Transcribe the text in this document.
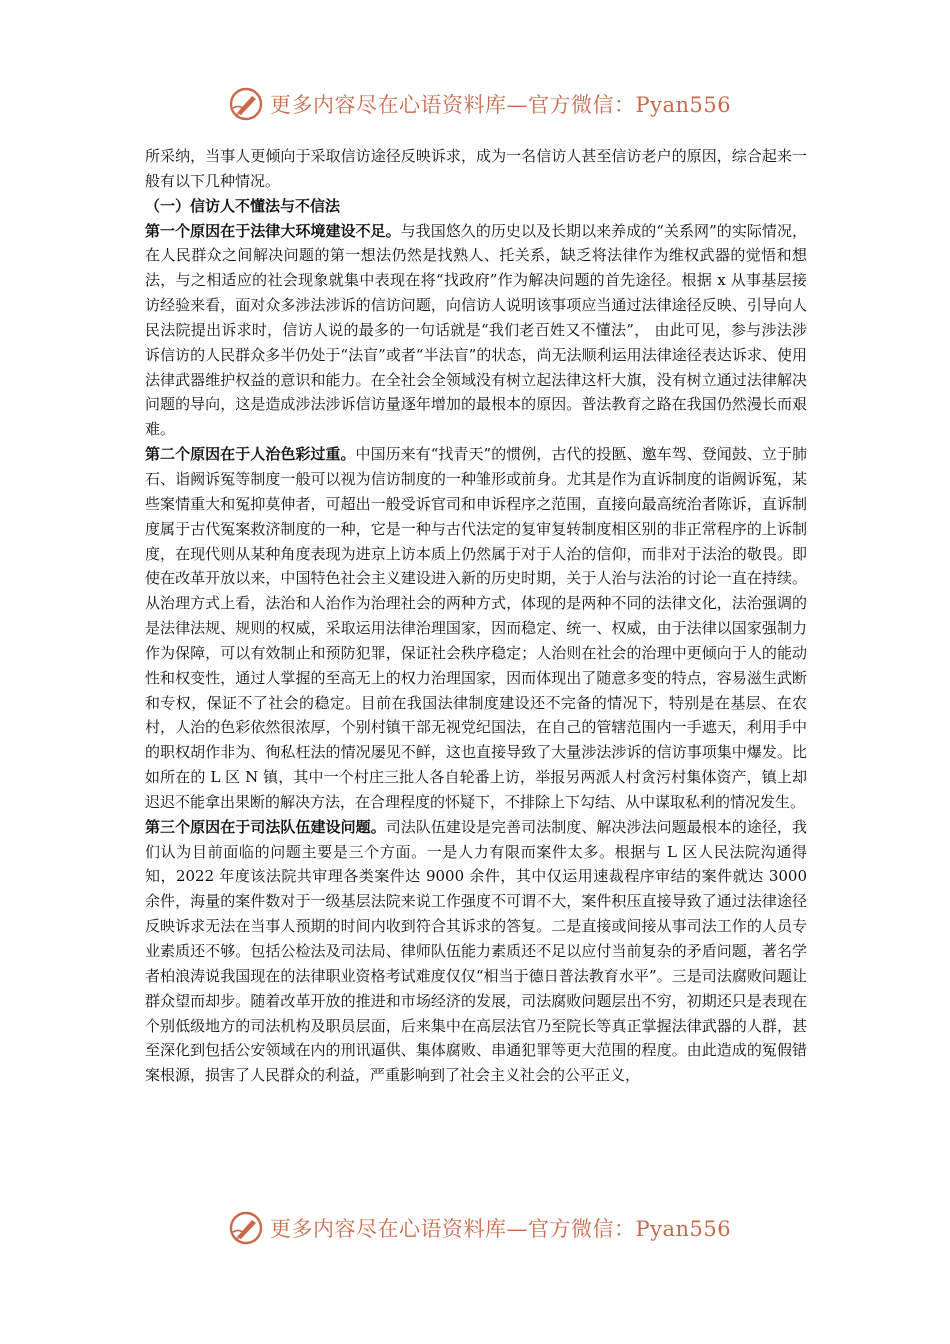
更多内容尽在心语资料库—官方微信：Pyan556

所采纳，当事人更倾向于采取信访途径反映诉求，成为一名信访人甚至信访老户的原因，综合起来一般有以下几种情况。

（一）信访人不懂法与不信法

第一个原因在于法律大环境建设不足。与我国悠久的历史以及长期以来养成的“关系网”的实际情况，在人民群众之间解决问题的第一想法仍然是找熟人、托关系，缺乏将法律作为维权武器的觉悟和想法，与之相适应的社会现象就集中表现在将“找政府”作为解决问题的首先途径。根据 x 从事基层接访经验来看，面对众多涉法涉诉的信访问题，向信访人说明该事项应当通过法律途径反映、引导向人民法院提出诉求时，信访人说的最多的一句话就是“我们老百姓又不懂法”， 由此可见，参与涉法涉诉信访的人民群众多半仍处于“法盲”或者“半法盲”的状态，尚无法顺利运用法律途径表达诉求、使用法律武器维护权益的意识和能力。在全社会全领域没有树立起法律这杆大旗，没有树立通过法律解决问题的导向，这是造成涉法涉诉信访量逐年增加的最根本的原因。普法教育之路在我国仍然漫长而艰难。

第二个原因在于人治色彩过重。中国历来有“找青天”的惯例，古代的投匦、邀车驾、登闻鼓、立于肺石、诣阙诉冤等制度一般可以视为信访制度的一种雏形或前身。尤其是作为直诉制度的诣阙诉冤，某些案情重大和冤抑莫伸者，可超出一般受诉官司和申诉程序之范围，直接向最高统治者陈诉，直诉制度属于古代冤案救济制度的一种，它是一种与古代法定的复审复转制度相区别的非正常程序的上诉制度，在现代则从某种角度表现为进京上访本质上仍然属于对于人治的信仰，而非对于法治的敬畏。即使在改革开放以来，中国特色社会主义建设进入新的历史时期，关于人治与法治的讨论一直在持续。从治理方式上看，法治和人治作为治理社会的两种方式，体现的是两种不同的法律文化，法治强调的是法律法规、规则的权威，采取运用法律治理国家，因而稳定、统一、权威，由于法律以国家强制力作为保障，可以有效制止和预防犯罪，保证社会秩序稳定；人治则在社会的治理中更倾向于人的能动性和权变性，通过人掌握的至高无上的权力治理国家，因而体现出了随意多变的特点，容易滋生武断和专权，保证不了社会的稳定。目前在我国法律制度建设还不完备的情况下，特别是在基层、在农村，人治的色彩依然很浓厚，个别村镇干部无视党纪国法，在自己的管辖范围内一手遮天，利用手中的职权胡作非为、徇私枉法的情况屡见不鲜，这也直接导致了大量涉法涉诉的信访事项集中爆发。比如所在的 L 区 N 镇，其中一个村庄三批人各自轮番上访，举报另两派人村贪污村集体资产，镇上却迟迟不能拿出果断的解决方法，在合理程度的怀疑下，不排除上下勾结、从中谋取私利的情况发生。

第三个原因在于司法队伍建设问题。司法队伍建设是完善司法制度、解决涉法问题最根本的途径，我们认为目前面临的问题主要是三个方面。一是人力有限而案件太多。根据与 L 区人民法院沟通得知，2022 年度该法院共审理各类案件达 9000 余件，其中仅运用速裁程序审结的案件就达 3000 余件，海量的案件数对于一级基层法院来说工作强度不可谓不大，案件积压直接导致了通过法律途径反映诉求无法在当事人预期的时间内收到符合其诉求的答复。二是直接或间接从事司法工作的人员专业素质还不够。包括公检法及司法局、律师队伍能力素质还不足以应付当前复杂的矛盾问题，著名学者柏浪涛说我国现在的法律职业资格考试难度仅仅“相当于德日普法教育水平”。三是司法腐败问题让群众望而却步。随着改革开放的推进和市场经济的发展，司法腐败问题层出不穷，初期还只是表现在个别低级地方的司法机构及职员层面，后来集中在高层法官乃至院长等真正掌握法律武器的人群，甚至深化到包括公安领域在内的刑讯逼供、集体腐败、串通犯罪等更大范围的程度。由此造成的冤假错案根源，损害了人民群众的利益，严重影响到了社会主义社会的公平正义，

更多内容尽在心语资料库—官方微信：Pyan556
